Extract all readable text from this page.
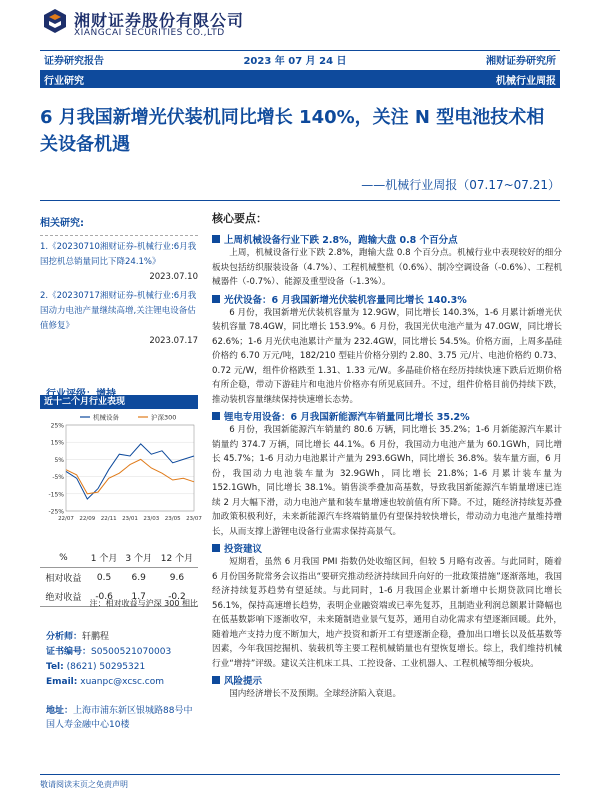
湘财证券股份有限公司
XIANGCAI SECURITIES CO.,LTD
证券研究报告	2023 年 07 月 24 日	湘财证券研究所
行业研究	机械行业周报
6 月我国新增光伏装机同比增长 140%，关注 N 型电池技术相关设备机遇
——机械行业周报（07.17~07.21）
相关研究:
1.《20230710湘财证券-机械行业:6月我国挖机总销量同比下降24.1%》
2023.07.10
2.《20230717湘财证券-机械行业:6月我国动力电池产量继续高增,关注锂电设备估值修复》
2023.07.17
近十二个月行业表现
25%
15%
5%
-5%
-15%
-25%
22/07 22/09 22/11 23/01 23/03 23/05 23/07
机械设备	沪深300
%	1 个月	3 个月	12 个月
相对收益	0.5	6.9	9.6
绝对收益	-0.6	1.7	-0.2
注：相对收益与沪深 300 相比
分析师：轩鹏程
证书编号：S0500521070003
Tel: (8621) 50295321
Email: xuanpc@xcsc.com
地址：上海市浦东新区银城路88号中国人寿金融中心10楼
核心要点：
上周机械设备行业下跌 2.8%，跑输大盘 0.8 个百分点

上周，机械设备行业下跌 2.8%，跑输大盘 0.8 个百分点。机械行业中表现较好的细分板块包括纺织服装设备（4.7%）、工程机械整机（0.6%）、制冷空调设备（-0.6%）、工程机械器件（-0.7%）、能源及重型设备（-1.3%）。

光伏设备：6 月我国新增光伏装机容量同比增长 140.3%

6 月份，我国新增光伏装机容量为 12.9GW，同比增长 140.3%，1-6 月累计新增光伏装机容量 78.4GW，同比增长 153.9%。6 月份，我国光伏电池产量为 47.0GW，同比增长 62.6%；1-6 月光伏电池累计产量为 232.4GW，同比增长 54.5%。价格方面，上周多晶硅价格约 6.70 万元/吨，182/210 型硅片价格分别约 2.80、3.75 元/片、电池价格约 0.73、0.72 元/W，组件价格跌至 1.31、1.33 元/W。多晶硅价格在经历持续快速下跌后近期价格有所企稳，带动下游硅片和电池片价格亦有所见底回升。不过，组件价格目前仍持续下跌，推动装机容量继续保持快速增长态势。

锂电专用设备：6 月我国新能源汽车销量同比增长 35.2%

6 月份，我国新能源汽车销量约 80.6 万辆，同比增长 35.2%；1-6 月新能源汽车累计销量约 374.7 万辆，同比增长 44.1%。6 月份，我国动力电池产量为 60.1GWh，同比增长 45.7%；1-6 月动力电池累计产量为 293.6GWh，同比增长 36.8%。装车量方面，6 月份，我国动力电池装车量为 32.9GWh，同比增长 21.8%；1-6 月累计装车量为 152.1GWh，同比增长 38.1%。销售淡季叠加高基数，导致我国新能源汽车销量增速已连续 2 月大幅下滑，动力电池产量和装车量增速也较前值有所下降。不过，随经济持续复苏叠加政策积极利好，未来新能源汽车终端销量仍有望保持较快增长，带动动力电池产量维持增长，从而支撑上游锂电设备行业需求保持高景气。

投资建议

短期看，虽然 6 月我国 PMI 指数仍处收缩区间，但较 5 月略有改善。与此同时，随着 6 月份国务院常务会议指出“要研究推动经济持续回升向好的一批政策措施”逐渐落地，我国经济持续复苏趋势有望延续。与此同时，1-6 月我国企业累计新增中长期贷款同比增长 56.1%，保持高速增长趋势，表明企业融资端或已率先复苏，且制造业利润总额累计降幅也在低基数影响下逐渐收窄，未来随制造业景气复苏，通用自动化需求有望逐渐回暖。此外，随着地产支持力度不断加大，地产投资和新开工有望逐渐企稳，叠加出口增长以及低基数等因素，今年我国挖掘机、装载机等主要工程机械销量也有望恢复增长。综上，我们维持机械行业“增持”评级。建议关注机床工具、工控设备、工业机器人、工程机械等细分板块。

风险提示

国内经济增长不及预期。全球经济陷入衰退。

敬请阅读末页之免责声明
